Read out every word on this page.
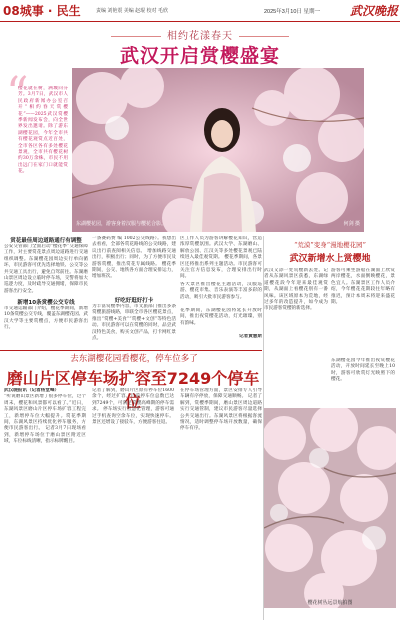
08城事 · 民生	责编 刘艳震 美编 赵琨 校对 毛欣	2025年3月10日 星期一	武汉晚报
相约花漾春天
武汉开启赏樱盛宴
“
樱花就在树，满城向芬芳。3月7日，武汉市人民政府新闻办公室召开“相约春天赏樱花”——2025武汉赏樱季新闻发布会，向全世界发出邀请。除了游东湖樱花园，今年全市共有樱花观赏点近百处，全市各区各有多处樱花景观，全市共有樱花树约30万余株，市民不用出远门在家门口就能赏花。
东湖樱花园，游客身着汉服与樱花合影。	何剑 摄
赏花最佳周边道路通行有调整
公安交管部门全面启动“樱花季”交通保障工作，对主要赏花景点周边道路进行交通组织调整。东湖樱花园周边实行单向循环，市民游客可优先选择地铁、公交等公共交通工具出行，避免自驾前往。东湖磨山景区周边设立临时停车场，交警将加大巡逻力度，及时疏导交通拥堵，保障市民游客出行安全。
新增10条赏樱公交专线
市交通运输部门介绍，樱花季期间，新增10条赏樱公交专线，覆盖东湖樱花园、武汉大学等主要赏樱点，方便市民游客出行。
一条赛码费 编 1002公交线路）。我想出去看看，全部各赏花路线的公交线路，建议出行前查阅相关信息。 增加线路交通出行，积极出行；同时，为了方便市民及游客赏樱，推出赏花专属线路。 樱花季期间，公交、地铁各方面合理安排运力，增加班次。
好吃好逛好打卡
为丰富赏樱季内容，市文旅部门推出多条赏樱旅游线路，串联全市各区樱花景点，推出“赏樱+美食”“赏樱+文创”等特色活动。市民游客可以在赏樱的同时，品尝武汉特色美食，购买文创产品，打卡网红景点。
区工作人员为游客讲解樱花知识，营造浓厚赏樱氛围。武汉大学、东湖磨山、解放公园、江汉关等多处樱花景观已陆续进入最佳观赏期。 樱花季期间，各景区还将推出系列主题活动。市民游客可关注官方信息发布，合理安排出行时间。
各大景区推出樱花主题活动，汉服巡游、樱花市集、音乐表演等丰富多彩的活动，吸引大批市民游客参与。
花季期间，东湖樱花园将延长开放时间，推出夜赏樱花活动，灯光璀璨，别有韵味。
记者黄慧斯
“荒漠”变身“漫地樱花园”
武汉新增水上赏樱地
武汉又添一处赏樱新去处。记者从东湖风景区获悉，东湖绿道樱花段今年迎来最佳观赏期，从湖面上看樱花别有一番风味。该区域原本为荒地，经过多年的改造提升，如今成为市民游客赏樱的新选择。
游客可乘坐游船在湖面上欣赏两岸樱花，水面倒映樱花，景色宜人。东湖景区工作人员介绍，今年樱花花期较往年略有推迟，预计本周末将迎来盛花期。
东湖樱花园今年推出夜赏樱花活动，开放时间延长至晚上10时，游客可欣赏灯光映照下的樱花。
樱花树丛远景航拍图
去东湖樱花园看樱花，停车位多了
磨山片区停车场扩容至7249个停车位
武汉晚报讯（记者杨堂峰）
“听说磨山景区新增了很多停车位，过个周末，樱花和风景都可以看了。”近日，东湖风景区磨山片区停车场扩容工程完工，新增停车位大幅提升。赏花季期间，东湖风景区持续优化停车服务，方便市民游客出行。 记者3月7日现场看到，新增停车场位于磨山景区附近区域，车位标线清晰，指示标牌醒目。
记者了解到，磨山片区原有停车位1600余个，经过扩容，目前停车位总数已达到7249个，可满足赏樱高峰期的停车需求。 停车场实行智慧化管理，游客可通过手机查询空余车位，实现快速停车。景区还增设了接驳车，方便游客往返。
在停车场管理方面，景区安排专人引导车辆有序停放，保障交通顺畅。 记者了解到，赏樱季期间，磨山景区周边道路实行交通管制，建议市民游客尽量选择公共交通出行。东湖风景区将根据客流情况，适时调整停车场开放数量，确保停车有序。
